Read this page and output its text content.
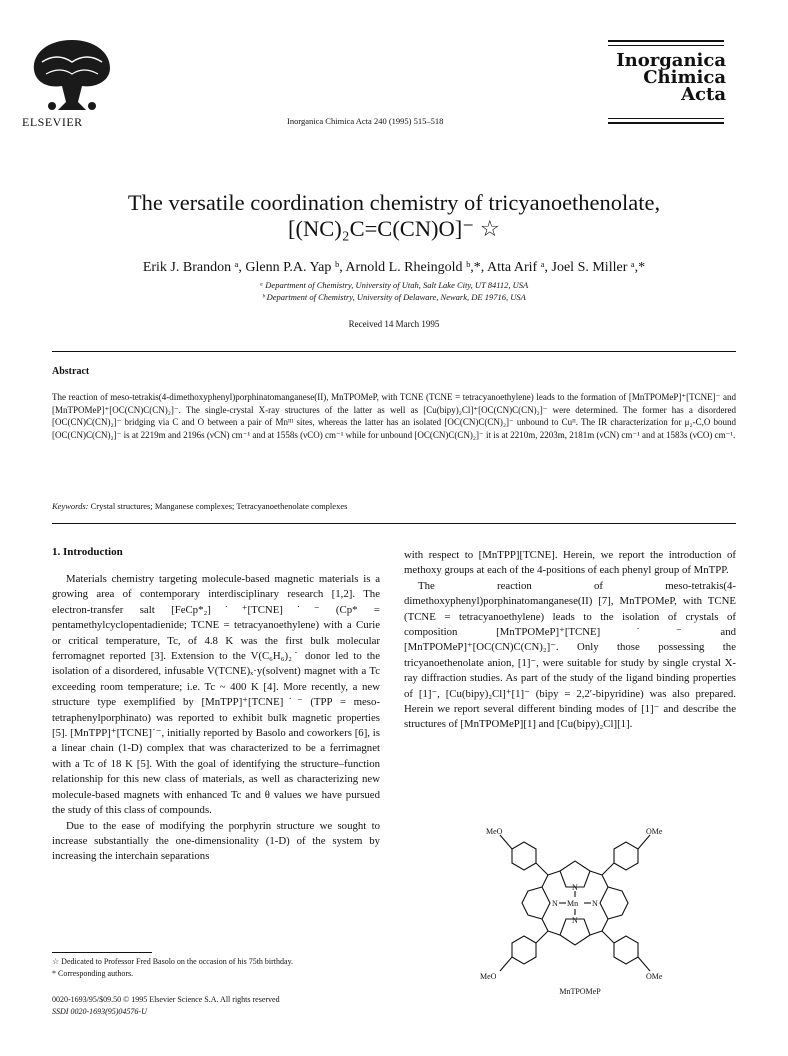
ELSEVIER	Inorganica Chimica Acta 240 (1995) 515–518
Inorganica
Chimica Acta
The versatile coordination chemistry of tricyanoethenolate,
[(NC)₂C=C(CN)O]⁻ ☆
Erik J. Brandon ᵃ, Glenn P.A. Yap ᵇ, Arnold L. Rheingold ᵇ,*, Atta Arif ᵃ, Joel S. Miller ᵃ,*
ᵃ Department of Chemistry, University of Utah, Salt Lake City, UT 84112, USA
ᵇ Department of Chemistry, University of Delaware, Newark, DE 19716, USA
Received 14 March 1995
Abstract
The reaction of meso-tetrakis(4-dimethoxyphenyl)porphinatomanganese(II), MnTPOMeP, with TCNE (TCNE = tetracyanoethylene) leads to the formation of [MnTPOMeP]⁺[TCNE]⁻ and [MnTPOMeP]⁺[OC(CN)C(CN)₂]⁻. The single-crystal X-ray structures of the latter as well as [Cu(bipy)₂Cl]⁺[OC(CN)C(CN)₂]⁻ were determined. The former has a disordered [OC(CN)C(CN)₂]⁻ bridging via C and O between a pair of Mnᴵᴵᴵ sites, whereas the latter has an isolated [OC(CN)C(CN)₂]⁻ unbound to Cuᴵᴵ. The IR characterization for μ₂-C,O bound [OC(CN)C(CN)₂]⁻ is at 2219m and 2196s (νCN) cm⁻¹ and at 1558s (νCO) cm⁻¹ while for unbound [OC(CN)C(CN)₂]⁻ it is at 2210m, 2203m, 2181m (νCN) cm⁻¹ and at 1583s (νCO) cm⁻¹.
Keywords: Crystal structures; Manganese complexes; Tetracyanoethenolate complexes
1. Introduction

Materials chemistry targeting molecule-based magnetic materials is a growing area of contemporary interdisciplinary research [1,2]. The electron-transfer salt [FeCp*₂]˙⁺[TCNE]˙⁻ (Cp* = pentamethylcyclopentadienide; TCNE = tetracyanoethylene) with a Curie or critical temperature, Tc, of 4.8 K was the first bulk molecular ferromagnet reported [3]. Extension to the V(C₆H₆)₂˙ donor led to the isolation of a disordered, infusable V(TCNE)ₓ·y(solvent) magnet with a Tc exceeding room temperature; i.e. Tc ~ 400 K [4]. More recently, a new structure type exemplified by [MnTPP]⁺[TCNE]˙⁻ (TPP = meso-tetraphenylporphinato) was reported to exhibit bulk magnetic properties [5]. [MnTPP]⁺[TCNE]˙⁻, initially reported by Basolo and coworkers [6], is a linear chain (1-D) complex that was characterized to be a ferrimagnet with a Tc of 18 K [5]. With the goal of identifying the structure–function relationship for this new class of materials, as well as characterizing new molecule-based magnets with enhanced Tc and θ values we have pursued the study of this class of compounds.

Due to the ease of modifying the porphyrin structure we sought to increase substantially the one-dimensionality (1-D) of the system by increasing the interchain separations

☆ Dedicated to Professor Fred Basolo on the occasion of his 75th birthday.
* Corresponding authors.
0020-1693/95/$09.50 © 1995 Elsevier Science S.A. All rights reserved
SSDI 0020-1693(95)04576-U

with respect to [MnTPP][TCNE]. Herein, we report the introduction of methoxy groups at each of the 4-positions of each phenyl group of MnTPP.

The reaction of meso-tetrakis(4-dimethoxyphenyl)porphinatomanganese(II) [7], MnTPOMeP, with TCNE (TCNE = tetracyanoethylene) leads to the isolation of crystals of composition [MnTPOMeP]⁺[TCNE]˙⁻ and [MnTPOMeP]⁺[OC(CN)C(CN)₂]⁻. Only those possessing the tricyanoethenolate anion, [1]⁻, were suitable for study by single crystal X-ray diffraction studies. As part of the study of the ligand binding properties of [1]⁻, [Cu(bipy)₂Cl]⁺[1]⁻ (bipy = 2,2′-bipyridine) was also prepared. Herein we report several different binding modes of [1]⁻ and describe the structures of [MnTPOMeP][1] and [Cu(bipy)₂Cl][1].

MeO	OMe
MeO	OMe
N
N
N	N
Mn
MnTPOMeP
